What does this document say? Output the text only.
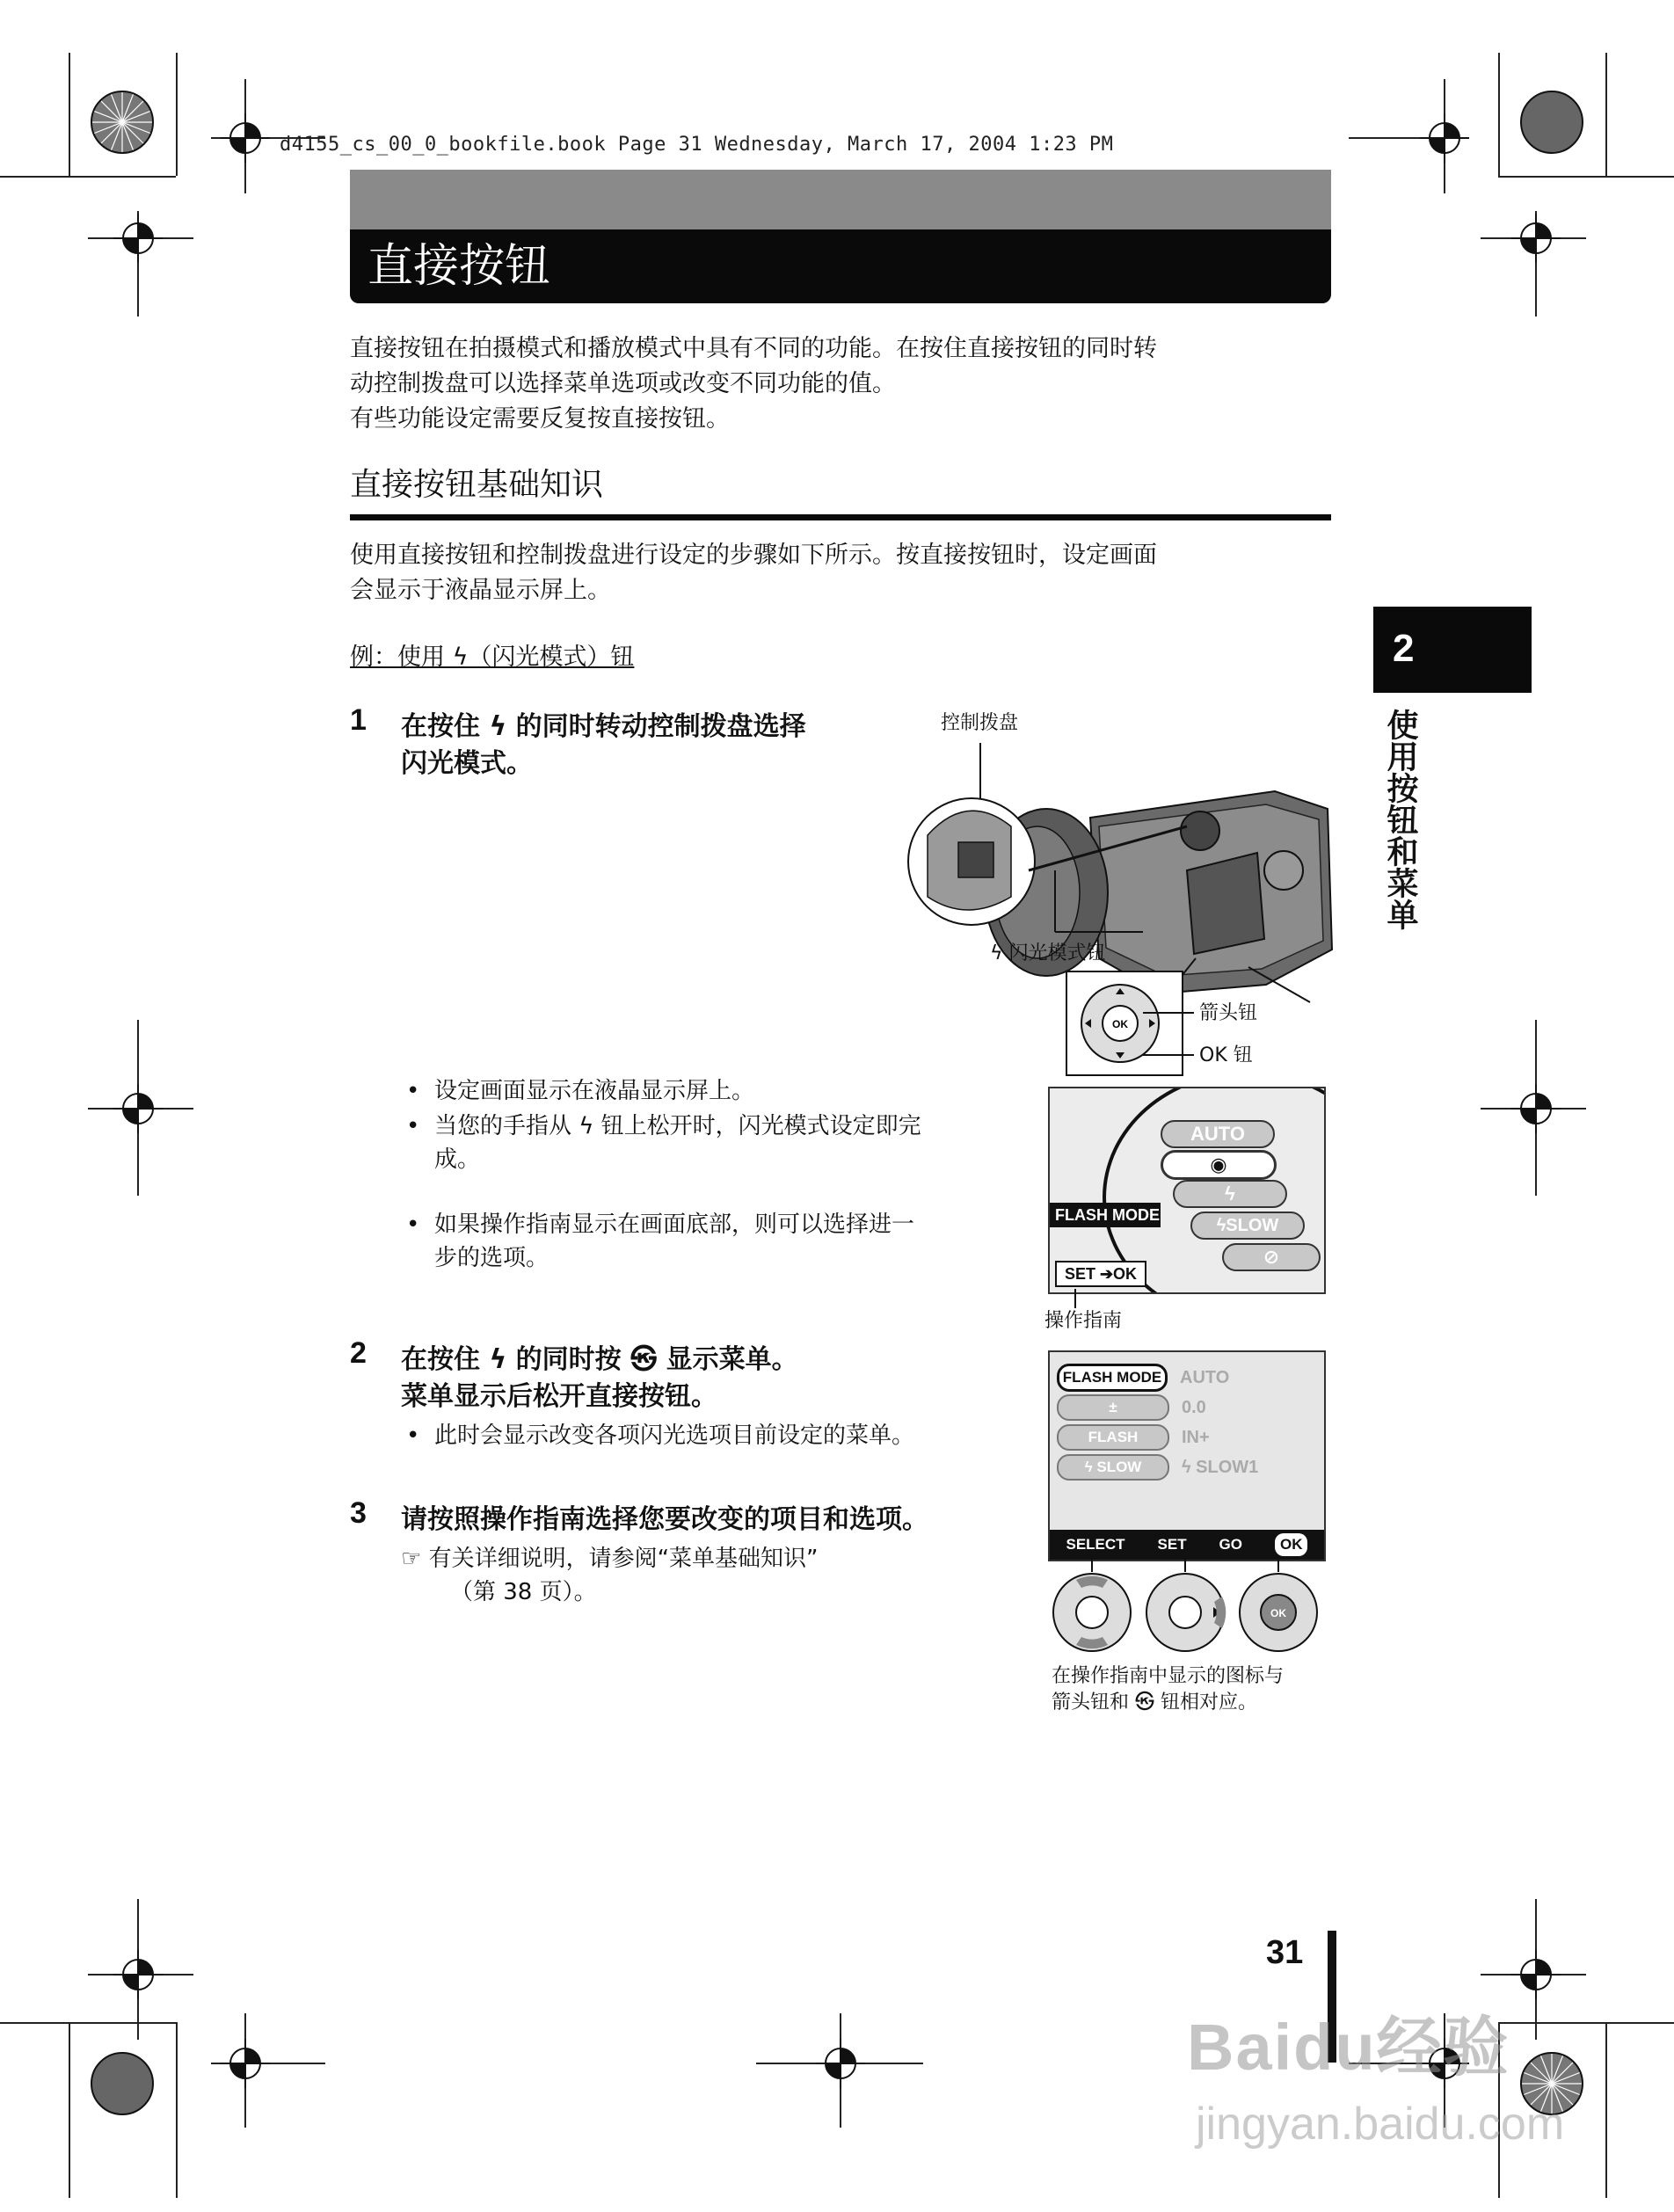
d4155_cs_00_0_bookfile.book Page 31 Wednesday, March 17, 2004 1:23 PM
直接按钮
直接按钮在拍摄模式和播放模式中具有不同的功能。在按住直接按钮的同时转
动控制拨盘可以选择菜单选项或改变不同功能的值。
有些功能设定需要反复按直接按钮。
直接按钮基础知识
使用直接按钮和控制拨盘进行设定的步骤如下所示。按直接按钮时，设定画面
会显示于液晶显示屏上。
例：使用 ϟ（闪光模式）钮
1 在按住 ϟ 的同时转动控制拨盘选择
闪光模式。
• 设定画面显示在液晶显示屏上。
• 当您的手指从 ϟ 钮上松开时，闪光模式设定即完
成。
• 如果操作指南显示在画面底部，则可以选择进一
步的选项。
2 在按住 ϟ 的同时按 ㉿ 显示菜单。
菜单显示后松开直接按钮。
• 此时会显示改变各项闪光选项目前设定的菜单。
3 请按照操作指南选择您要改变的项目和选项。
☞ 有关详细说明，请参阅“菜单基础知识”
（第 38 页）。
控制拨盘
ϟ 闪光模式钮
OK	箭头钮
OK 钮
AUTO
◉
ϟ
ϟSLOW
⊘
FLASH MODE
SET ➔OK
操作指南
FLASH MODE	AUTO
±	0.0
FLASH	IN+
ϟ SLOW	ϟ SLOW1
SELECT SET GO	OK
OK
在操作指南中显示的图标与
箭头钮和 ㉿ 钮相对应。
2
使用按钮和菜单
31
Baidu经验
jingyan.baidu.com
